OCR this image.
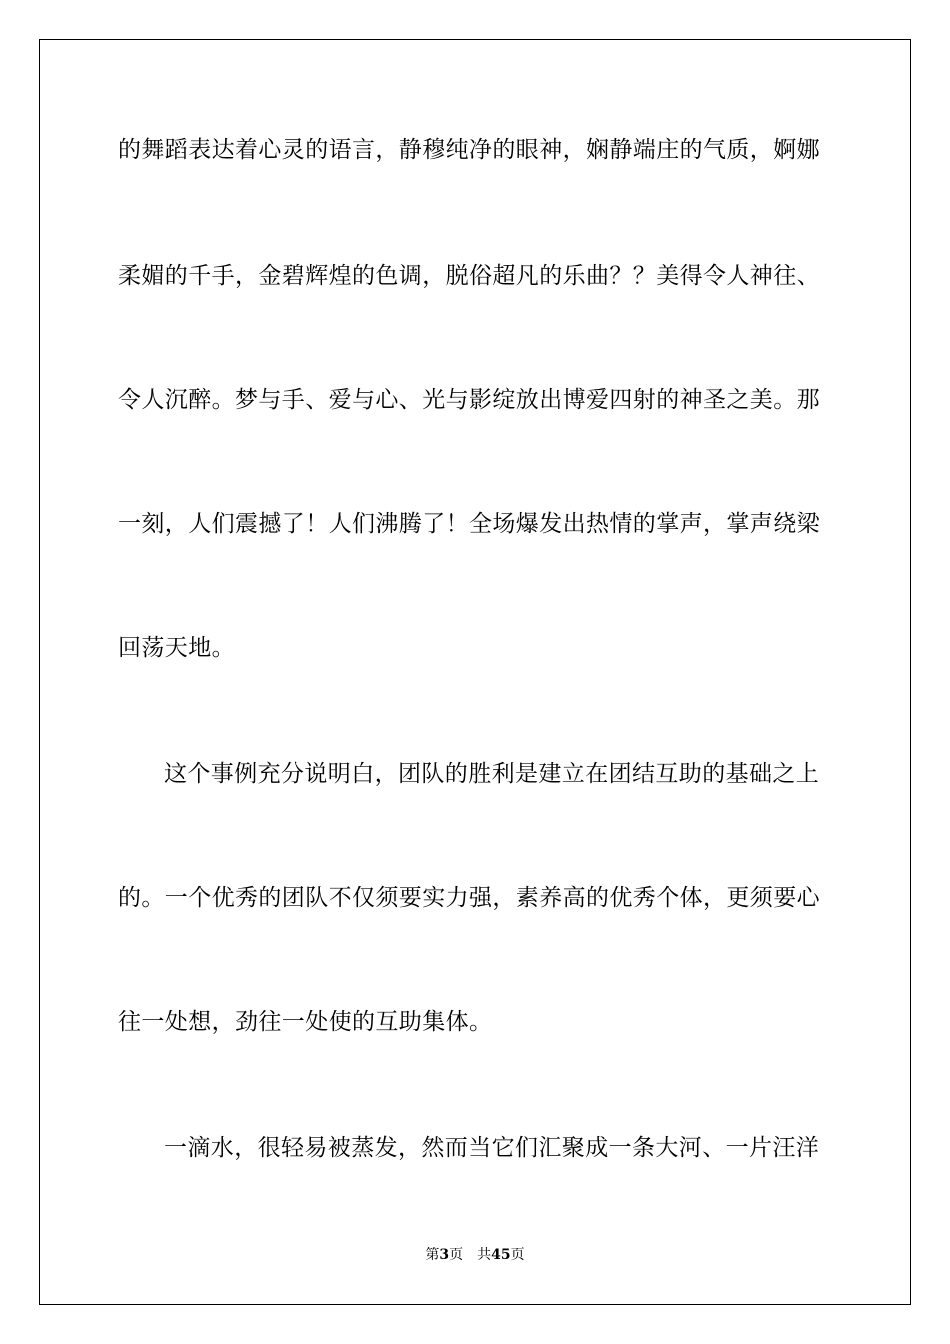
的舞蹈表达着心灵的语言，静穆纯净的眼神，娴静端庄的气质，婀娜

柔媚的千手，金碧辉煌的色调，脱俗超凡的乐曲？？美得令人神往、

令人沉醉。梦与手、爱与心、光与影绽放出博爱四射的神圣之美。那

一刻，人们震撼了！人们沸腾了！全场爆发出热情的掌声，掌声绕梁

回荡天地。

这个事例充分说明白，团队的胜利是建立在团结互助的基础之上

的。一个优秀的团队不仅须要实力强，素养高的优秀个体，更须要心

往一处想，劲往一处使的互助集体。

一滴水，很轻易被蒸发，然而当它们汇聚成一条大河、一片汪洋

第3页 共45页
